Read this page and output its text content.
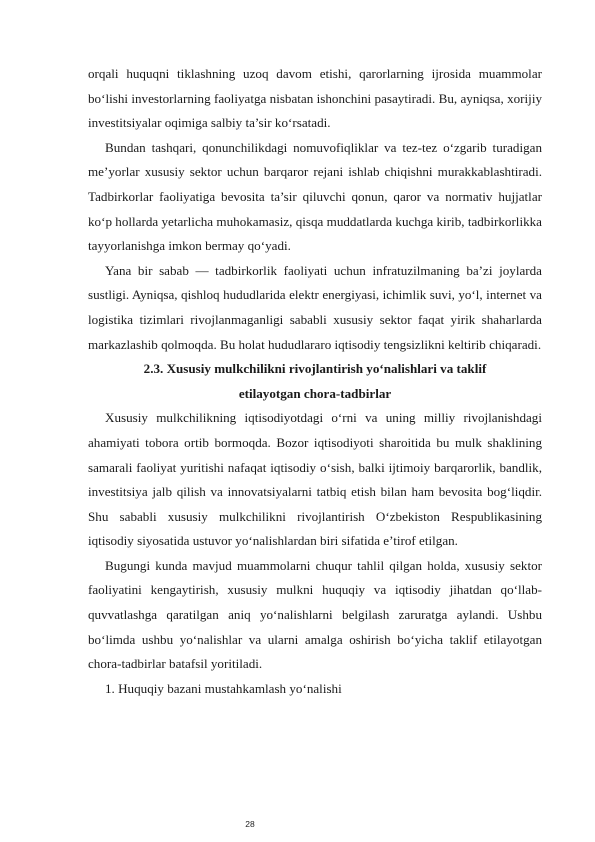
orqali huquqni tiklashning uzoq davom etishi, qarorlarning ijrosida muammolar bo‘lishi investorlarning faoliyatga nisbatan ishonchini pasaytiradi. Bu, ayniqsa, xorijiy investitsiyalar oqimiga salbiy ta’sir ko‘rsatadi.

Bundan tashqari, qonunchilikdagi nomuvofiqliklar va tez-tez o‘zgarib turadigan me’yorlar xususiy sektor uchun barqaror rejani ishlab chiqishni murakkablashtiradi. Tadbirkorlar faoliyatiga bevosita ta’sir qiluvchi qonun, qaror va normativ hujjatlar ko‘p hollarda yetarlicha muhokamasiz, qisqa muddatlarda kuchga kirib, tadbirkorlikka tayyorlanishga imkon bermay qo‘yadi.

Yana bir sabab — tadbirkorlik faoliyati uchun infratuzilmaning ba’zi joylarda sustligi. Ayniqsa, qishloq hududlarida elektr energiyasi, ichimlik suvi, yo‘l, internet va logistika tizimlari rivojlanmaganligi sababli xususiy sektor faqat yirik shaharlarda markazlashib qolmoqda. Bu holat hududlararo iqtisodiy tengsizlikni keltirib chiqaradi.

2.3. Xususiy mulkchilikni rivojlantirish yo‘nalishlari va taklif
etilayotgan chora-tadbirlar

Xususiy mulkchilikning iqtisodiyotdagi o‘rni va uning milliy rivojlanishdagi ahamiyati tobora ortib bormoqda. Bozor iqtisodiyoti sharoitida bu mulk shaklining samarali faoliyat yuritishi nafaqat iqtisodiy o‘sish, balki ijtimoiy barqarorlik, bandlik, investitsiya jalb qilish va innovatsiyalarni tatbiq etish bilan ham bevosita bog‘liqdir. Shu sababli xususiy mulkchilikni rivojlantirish O‘zbekiston Respublikasining iqtisodiy siyosatida ustuvor yo‘nalishlardan biri sifatida e’tirof etilgan.

Bugungi kunda mavjud muammolarni chuqur tahlil qilgan holda, xususiy sektor faoliyatini kengaytirish, xususiy mulkni huquqiy va iqtisodiy jihatdan qo‘llab-quvvatlashga qaratilgan aniq yo‘nalishlarni belgilash zaruratga aylandi. Ushbu bo‘limda ushbu yo‘nalishlar va ularni amalga oshirish bo‘yicha taklif etilayotgan chora-tadbirlar batafsil yoritiladi.

1. Huquqiy bazani mustahkamlash yo‘nalishi

28
